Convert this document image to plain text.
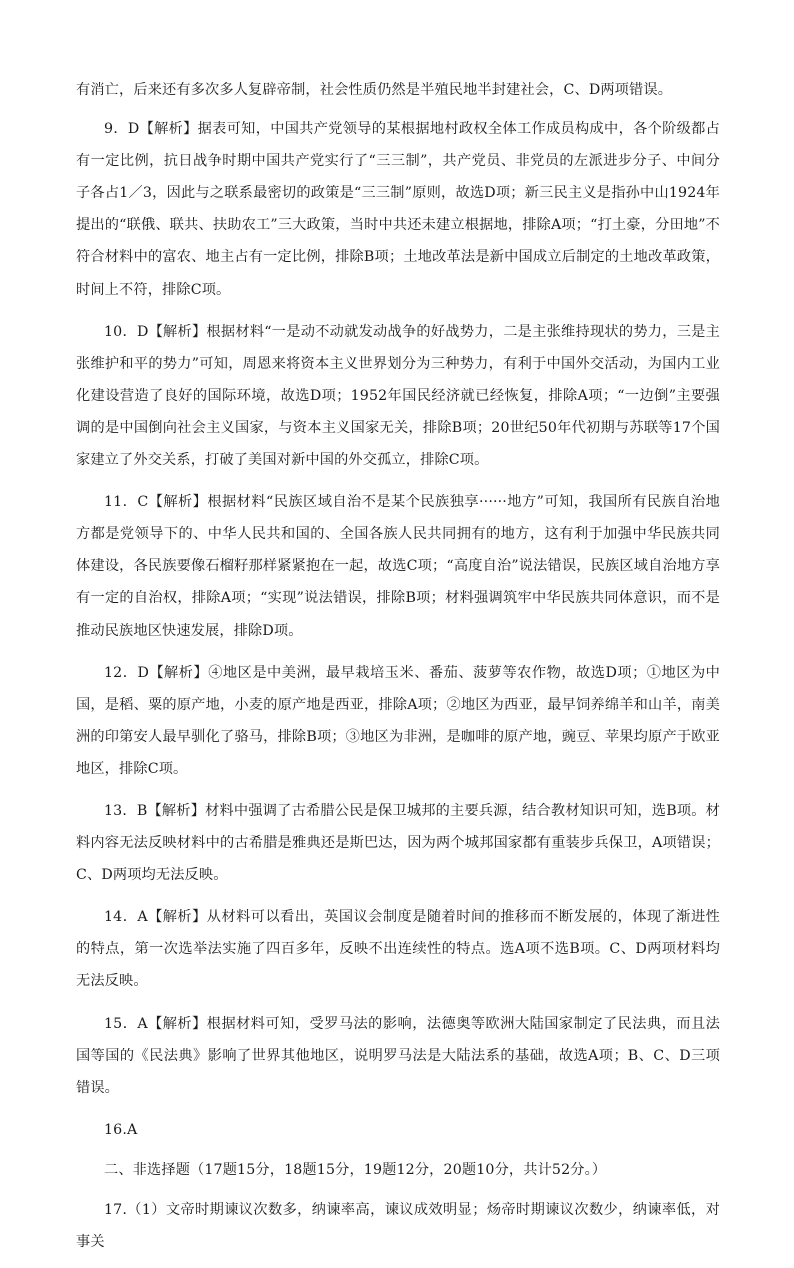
有消亡，后来还有多次多人复辟帝制，社会性质仍然是半殖民地半封建社会，C、D两项错误。

9．D【解析】据表可知，中国共产党领导的某根据地村政权全体工作成员构成中，各个阶级都占有一定比例，抗日战争时期中国共产党实行了“三三制”，共产党员、非党员的左派进步分子、中间分子各占1／3，因此与之联系最密切的政策是“三三制”原则，故选D项；新三民主义是指孙中山1924年提出的“联俄、联共、扶助农工”三大政策，当时中共还未建立根据地，排除A项；“打土豪，分田地”不符合材料中的富农、地主占有一定比例，排除B项；土地改革法是新中国成立后制定的土地改革政策，时间上不符，排除C项。

10．D【解析】根据材料“一是动不动就发动战争的好战势力，二是主张维持现状的势力，三是主张维护和平的势力”可知，周恩来将资本主义世界划分为三种势力，有利于中国外交活动，为国内工业化建设营造了良好的国际环境，故选D项；1952年国民经济就已经恢复，排除A项；“一边倒”主要强调的是中国倒向社会主义国家，与资本主义国家无关，排除B项；20世纪50年代初期与苏联等17个国家建立了外交关系，打破了美国对新中国的外交孤立，排除C项。

11．C【解析】根据材料“民族区域自治不是某个民族独享······地方”可知，我国所有民族自治地方都是党领导下的、中华人民共和国的、全国各族人民共同拥有的地方，这有利于加强中华民族共同体建设，各民族要像石榴籽那样紧紧抱在一起，故选C项；“高度自治”说法错误，民族区域自治地方享有一定的自治权，排除A项；“实现”说法错误，排除B项；材料强调筑牢中华民族共同体意识，而不是推动民族地区快速发展，排除D项。

12．D【解析】④地区是中美洲，最早栽培玉米、番茄、菠萝等农作物，故选D项；①地区为中国，是稻、粟的原产地，小麦的原产地是西亚，排除A项；②地区为西亚，最早饲养绵羊和山羊，南美洲的印第安人最早驯化了骆马，排除B项；③地区为非洲，是咖啡的原产地，豌豆、苹果均原产于欧亚地区，排除C项。

13．B【解析】材料中强调了古希腊公民是保卫城邦的主要兵源，结合教材知识可知，选B项。材料内容无法反映材料中的古希腊是雅典还是斯巴达，因为两个城邦国家都有重装步兵保卫，A项错误；C、D两项均无法反映。

14．A【解析】从材料可以看出，英国议会制度是随着时间的推移而不断发展的，体现了渐进性的特点，第一次选举法实施了四百多年，反映不出连续性的特点。选A项不选B项。C、D两项材料均无法反映。

15．A【解析】根据材料可知，受罗马法的影响，法德奥等欧洲大陆国家制定了民法典，而且法国等国的《民法典》影响了世界其他地区，说明罗马法是大陆法系的基础，故选A项；B、C、D三项错误。

16.A

二、非选择题（17题15分，18题15分，19题12分，20题10分，共计52分。）

17.（1）文帝时期谏议次数多，纳谏率高，谏议成效明显；炀帝时期谏议次数少，纳谏率低，对事关
